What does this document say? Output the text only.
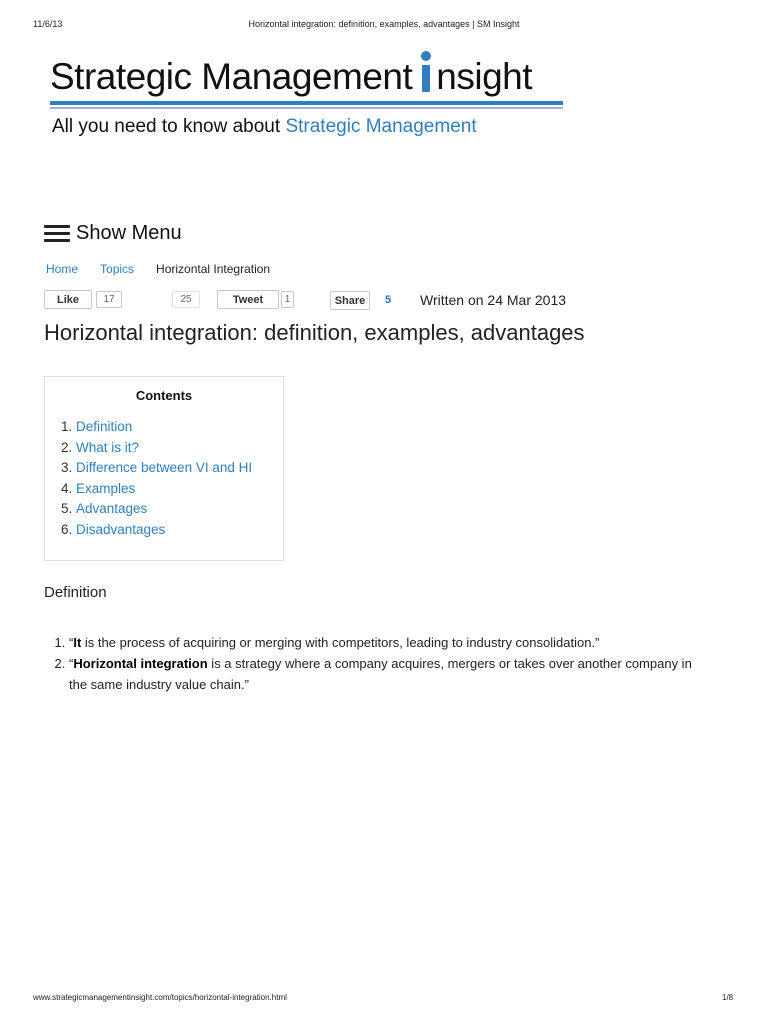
11/6/13	Horizontal integration: definition, examples, advantages | SM Insight
Strategic Management nsight
All you need to know about Strategic Management
Show Menu
Home Topics Horizontal Integration
Like	17	25	Tweet	1	Share 5 Written on 24 Mar 2013
Horizontal integration: definition, examples, advantages
Contents
1. Definition
2. What is it?
3. Difference between VI and HI
4. Examples
5. Advantages
6. Disadvantages
Definition
1. “It is the process of acquiring or merging with competitors, leading to industry consolidation.”
2. “Horizontal integration is a strategy where a company acquires, mergers or takes over another company in the same industry value chain.”
www.strategicmanagementinsight.com/topics/horizontal-integration.html	1/8
